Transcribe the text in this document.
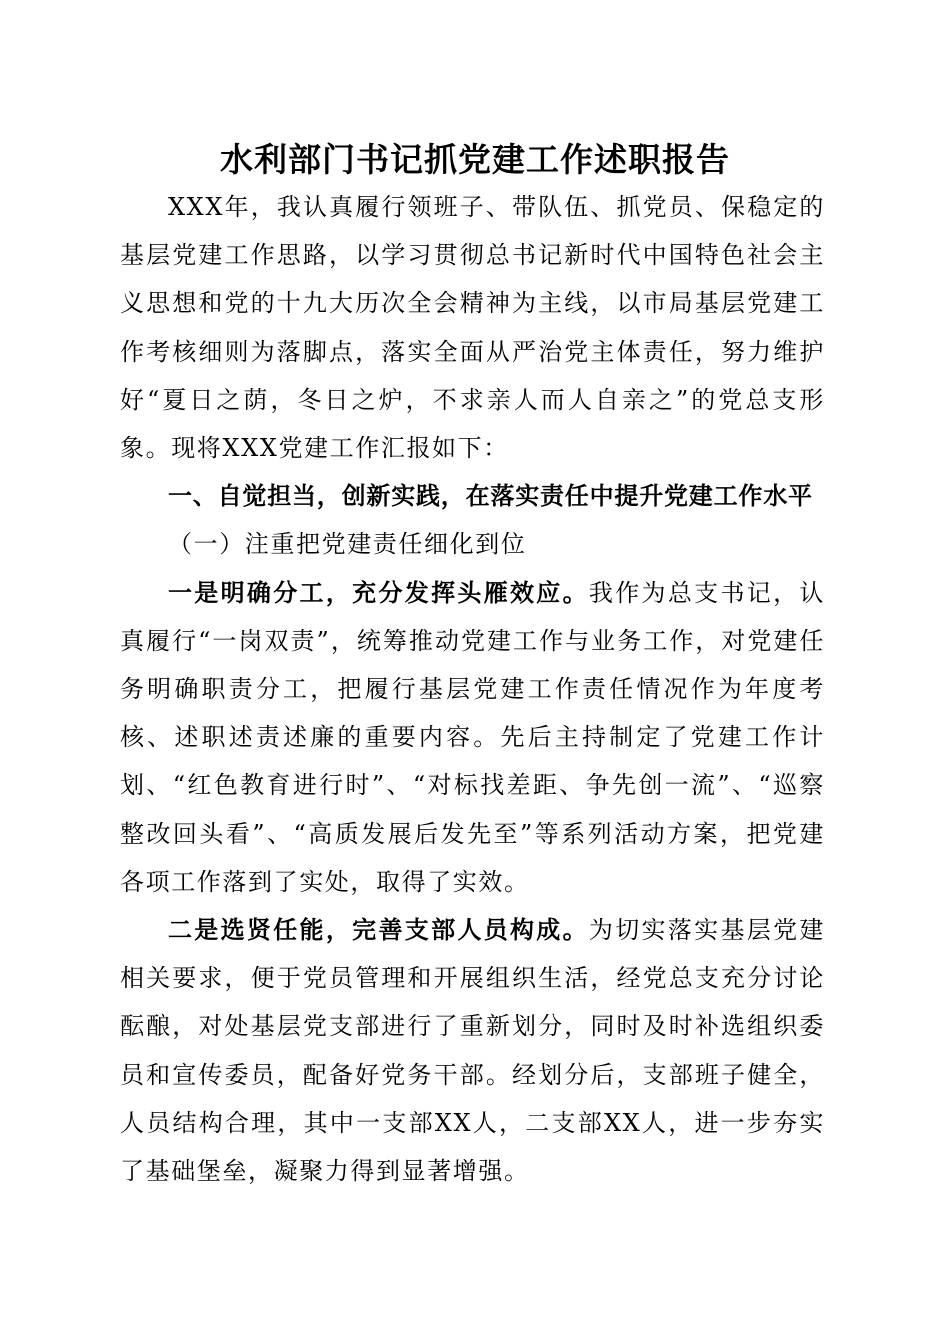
水利部门书记抓党建工作述职报告

XXX年，我认真履行领班子、带队伍、抓党员、保稳定的基层党建工作思路，以学习贯彻总书记新时代中国特色社会主义思想和党的十九大历次全会精神为主线，以市局基层党建工作考核细则为落脚点，落实全面从严治党主体责任，努力维护好“夏日之荫，冬日之炉，不求亲人而人自亲之”的党总支形象。现将XXX党建工作汇报如下：

一、自觉担当，创新实践，在落实责任中提升党建工作水平

（一）注重把党建责任细化到位

一是明确分工，充分发挥头雁效应。我作为总支书记，认真履行“一岗双责”，统筹推动党建工作与业务工作，对党建任务明确职责分工，把履行基层党建工作责任情况作为年度考核、述职述责述廉的重要内容。先后主持制定了党建工作计划、“红色教育进行时”、“对标找差距、争先创一流”、“巡察整改回头看”、“高质发展后发先至”等系列活动方案，把党建各项工作落到了实处，取得了实效。

二是选贤任能，完善支部人员构成。为切实落实基层党建相关要求，便于党员管理和开展组织生活，经党总支充分讨论酝酿，对处基层党支部进行了重新划分，同时及时补选组织委员和宣传委员，配备好党务干部。经划分后，支部班子健全，人员结构合理，其中一支部XX人，二支部XX人，进一步夯实了基础堡垒，凝聚力得到显著增强。
